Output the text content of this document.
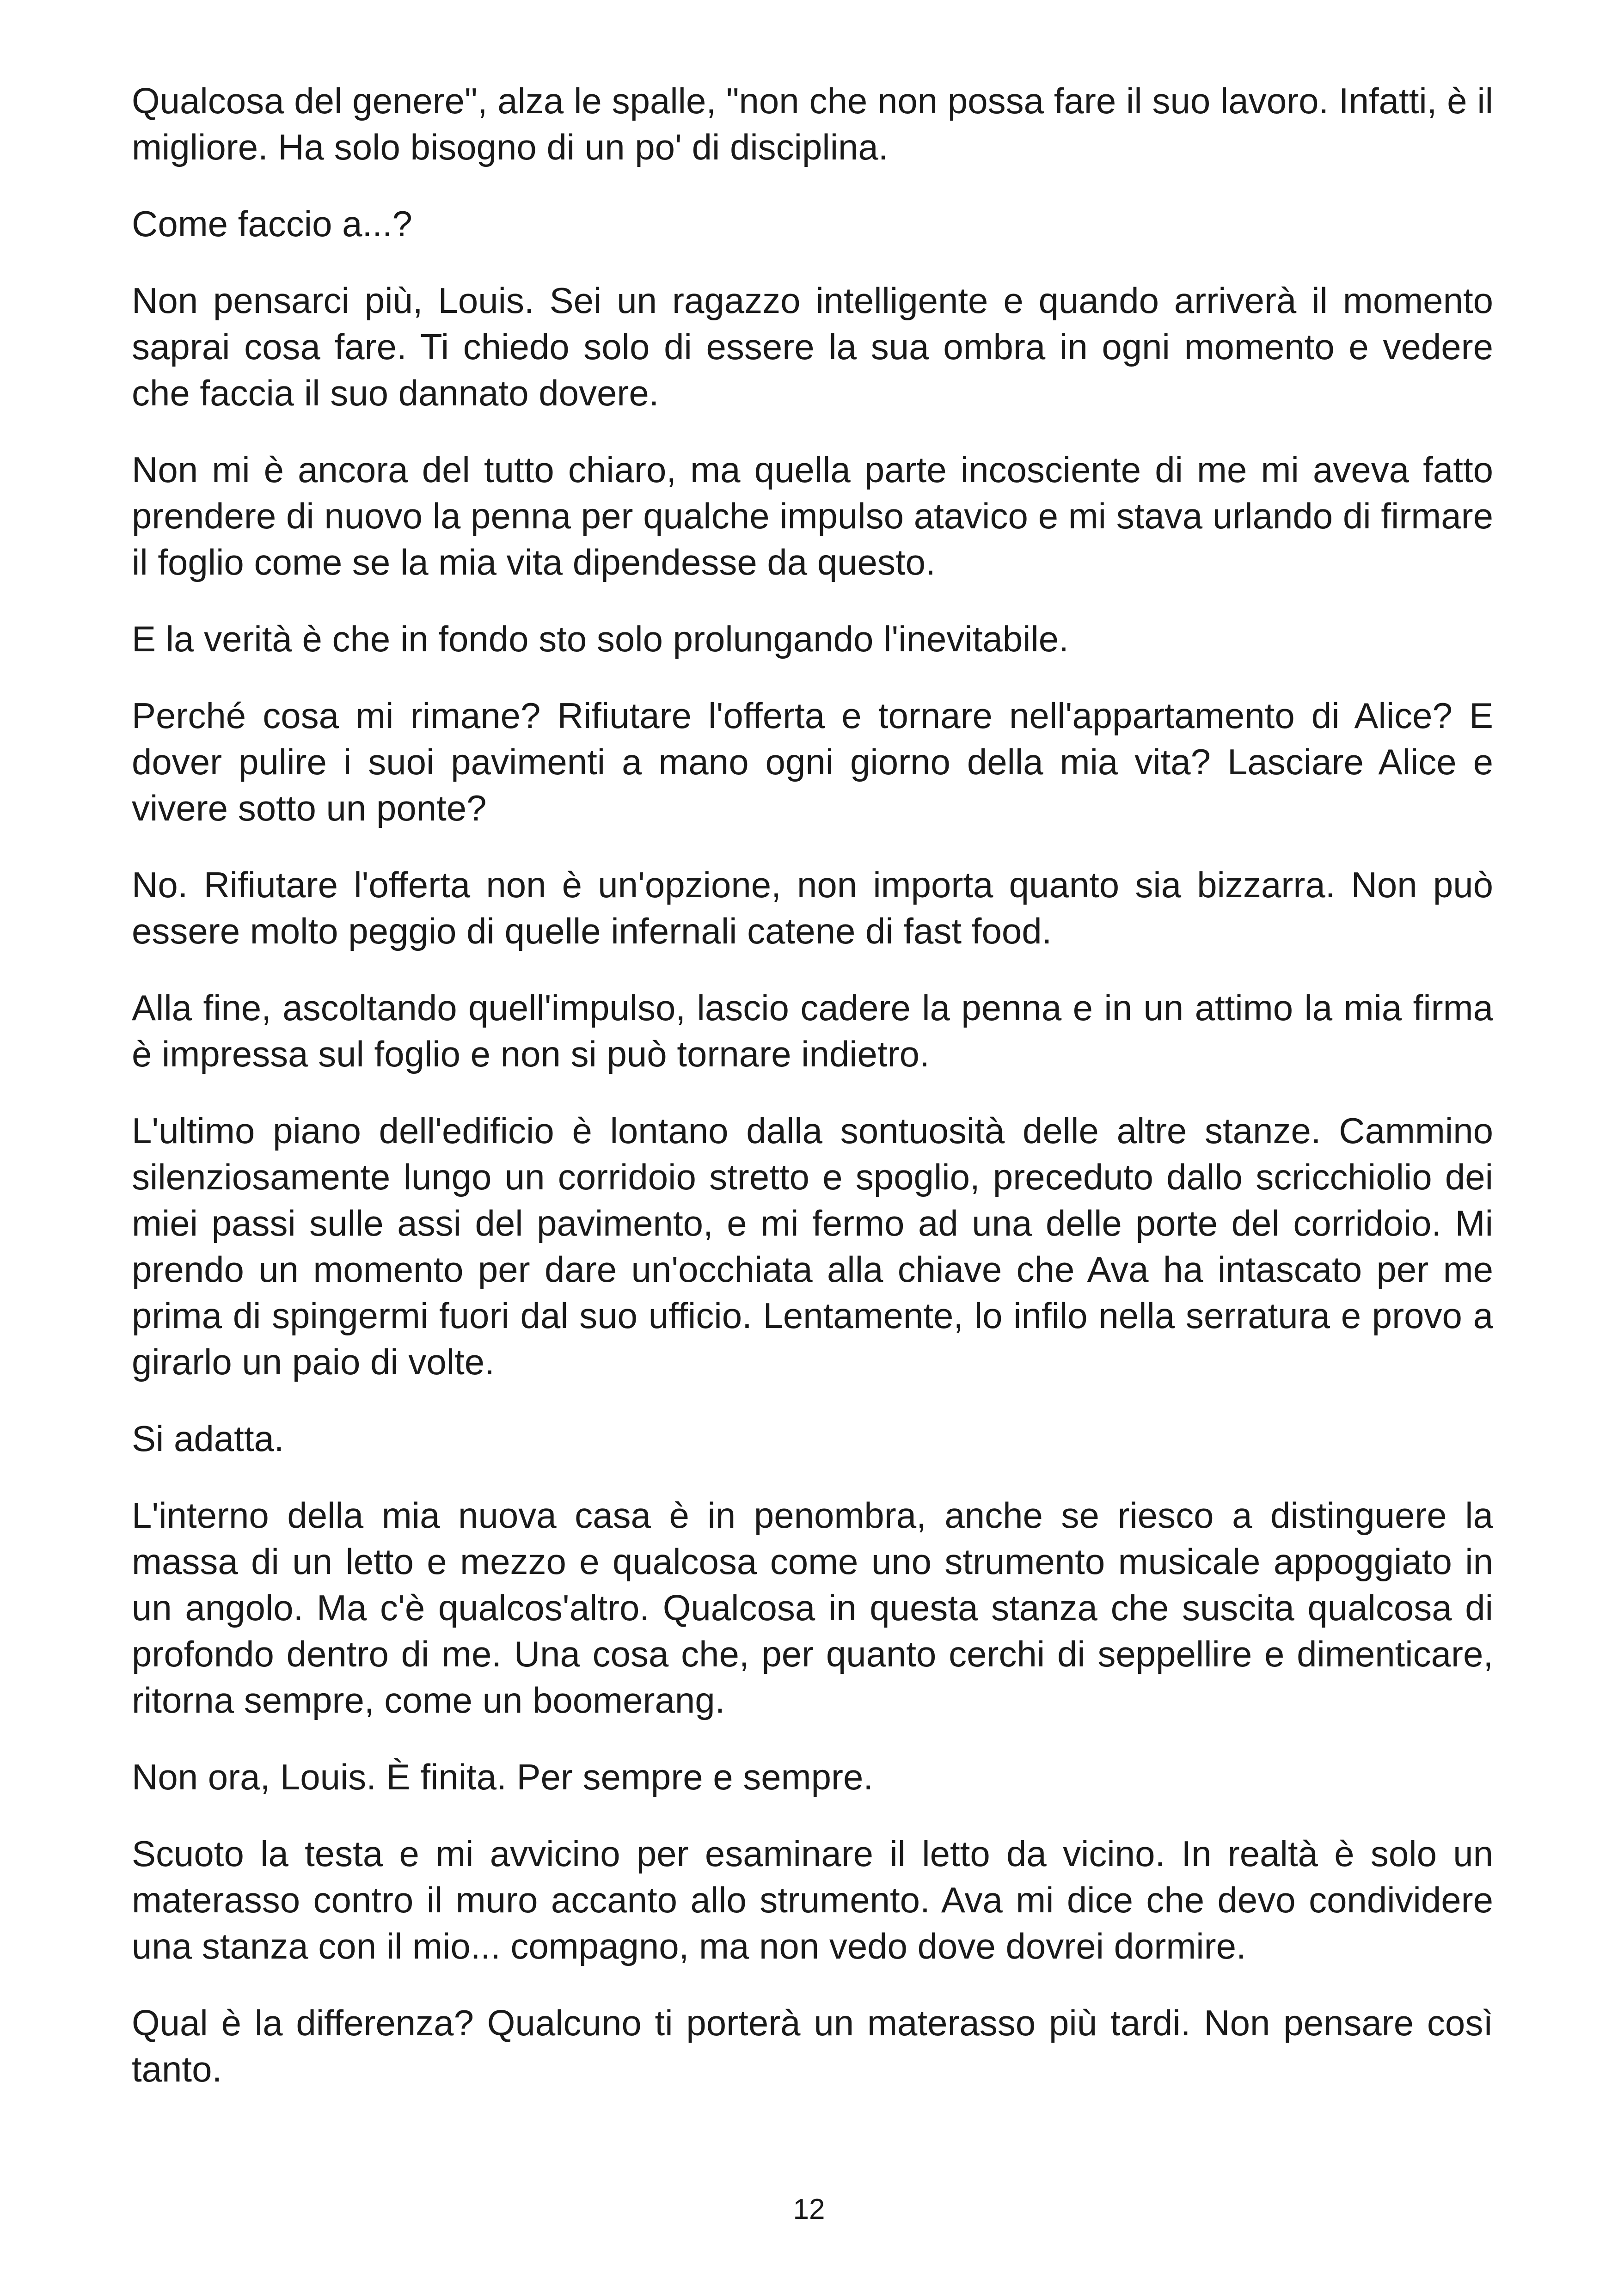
Qualcosa del genere", alza le spalle, "non che non possa fare il suo lavoro. Infatti, è il migliore. Ha solo bisogno di un po' di disciplina.

Come faccio a...?

Non pensarci più, Louis. Sei un ragazzo intelligente e quando arriverà il momento saprai cosa fare. Ti chiedo solo di essere la sua ombra in ogni momento e vedere che faccia il suo dannato dovere.

Non mi è ancora del tutto chiaro, ma quella parte incosciente di me mi aveva fatto prendere di nuovo la penna per qualche impulso atavico e mi stava urlando di firmare il foglio come se la mia vita dipendesse da questo.

E la verità è che in fondo sto solo prolungando l'inevitabile.

Perché cosa mi rimane? Rifiutare l'offerta e tornare nell'appartamento di Alice? E dover pulire i suoi pavimenti a mano ogni giorno della mia vita? Lasciare Alice e vivere sotto un ponte?

No. Rifiutare l'offerta non è un'opzione, non importa quanto sia bizzarra. Non può essere molto peggio di quelle infernali catene di fast food.

Alla fine, ascoltando quell'impulso, lascio cadere la penna e in un attimo la mia firma è impressa sul foglio e non si può tornare indietro.

L'ultimo piano dell'edificio è lontano dalla sontuosità delle altre stanze. Cammino silenziosamente lungo un corridoio stretto e spoglio, preceduto dallo scricchiolio dei miei passi sulle assi del pavimento, e mi fermo ad una delle porte del corridoio. Mi prendo un momento per dare un'occhiata alla chiave che Ava ha intascato per me prima di spingermi fuori dal suo ufficio. Lentamente, lo infilo nella serratura e provo a girarlo un paio di volte.

Si adatta.

L'interno della mia nuova casa è in penombra, anche se riesco a distinguere la massa di un letto e mezzo e qualcosa come uno strumento musicale appoggiato in un angolo. Ma c'è qualcos'altro. Qualcosa in questa stanza che suscita qualcosa di profondo dentro di me. Una cosa che, per quanto cerchi di seppellire e dimenticare, ritorna sempre, come un boomerang.

Non ora, Louis. È finita. Per sempre e sempre.

Scuoto la testa e mi avvicino per esaminare il letto da vicino. In realtà è solo un materasso contro il muro accanto allo strumento. Ava mi dice che devo condividere una stanza con il mio... compagno, ma non vedo dove dovrei dormire.

Qual è la differenza? Qualcuno ti porterà un materasso più tardi. Non pensare così tanto.

12
